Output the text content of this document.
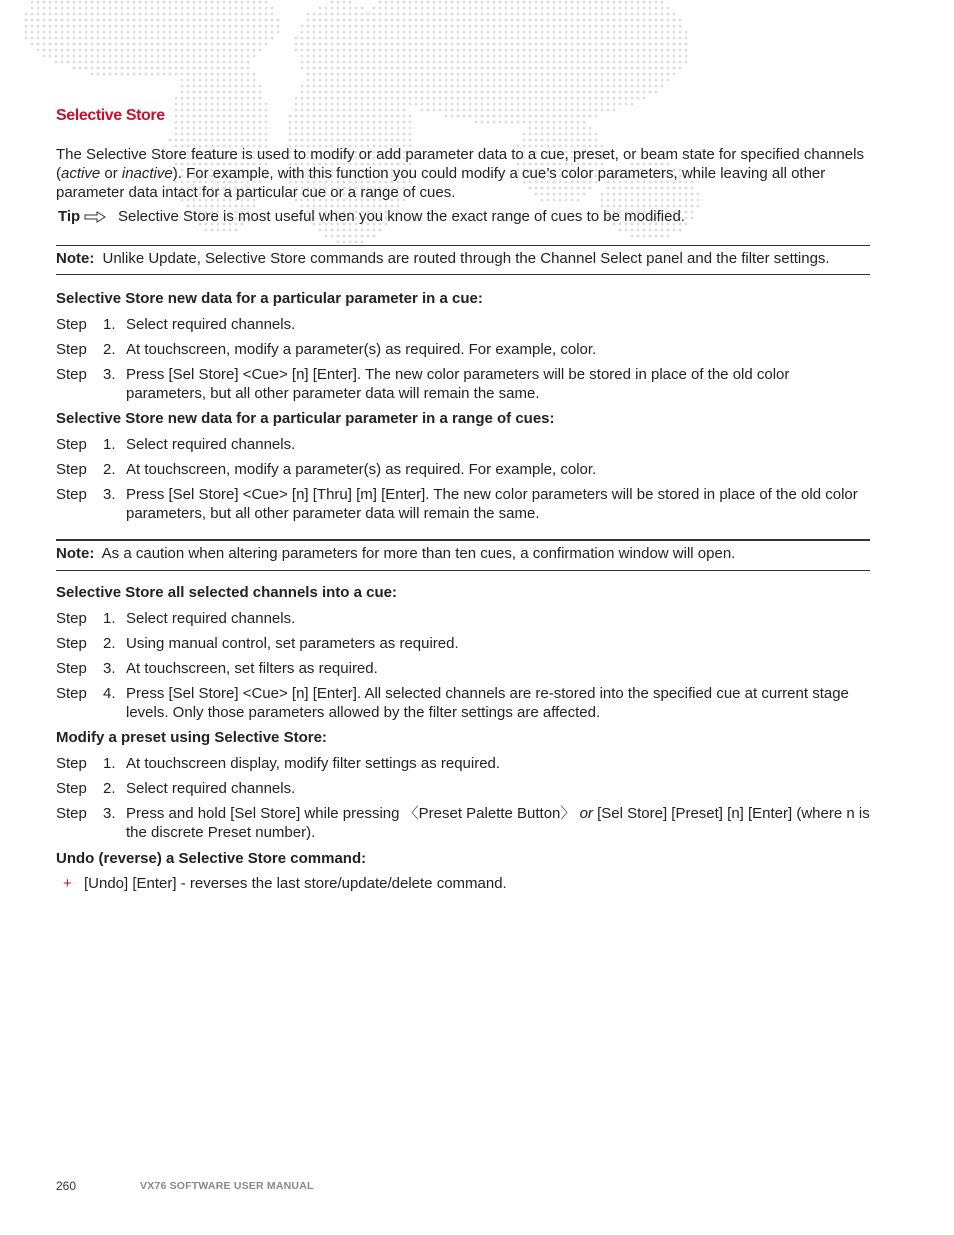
Selective Store
The Selective Store feature is used to modify or add parameter data to a cue, preset, or beam state for specified channels (active or inactive). For example, with this function you could modify a cue’s color parameters, while leaving all other parameter data intact for a particular cue or a range of cues.
Tip	Selective Store is most useful when you know the exact range of cues to be modified.
Note: Unlike Update, Selective Store commands are routed through the Channel Select panel and the filter settings.
Selective Store new data for a particular parameter in a cue:
Step 1. Select required channels.
Step 2. At touchscreen, modify a parameter(s) as required. For example, color.
Step 3. Press [Sel Store] <Cue> [n] [Enter]. The new color parameters will be stored in place of the old color parameters, but all other parameter data will remain the same.
Selective Store new data for a particular parameter in a range of cues:
Step 1. Select required channels.
Step 2. At touchscreen, modify a parameter(s) as required. For example, color.
Step 3. Press [Sel Store] <Cue> [n] [Thru] [m] [Enter]. The new color parameters will be stored in place of the old color parameters, but all other parameter data will remain the same.
Note: As a caution when altering parameters for more than ten cues, a confirmation window will open.
Selective Store all selected channels into a cue:
Step 1. Select required channels.
Step 2. Using manual control, set parameters as required.
Step 3. At touchscreen, set filters as required.
Step 4. Press [Sel Store] <Cue> [n] [Enter]. All selected channels are re-stored into the specified cue at current stage levels. Only those parameters allowed by the filter settings are affected.
Modify a preset using Selective Store:
Step 1. At touchscreen display, modify filter settings as required.
Step 2. Select required channels.
Step 3. Press and hold [Sel Store] while pressing 〈Preset Palette Button〉 or [Sel Store] [Preset] [n] [Enter] (where n is the discrete Preset number).
Undo (reverse) a Selective Store command:
+ [Undo] [Enter] - reverses the last store/update/delete command.
260	VX76 SOFTWARE USER MANUAL
